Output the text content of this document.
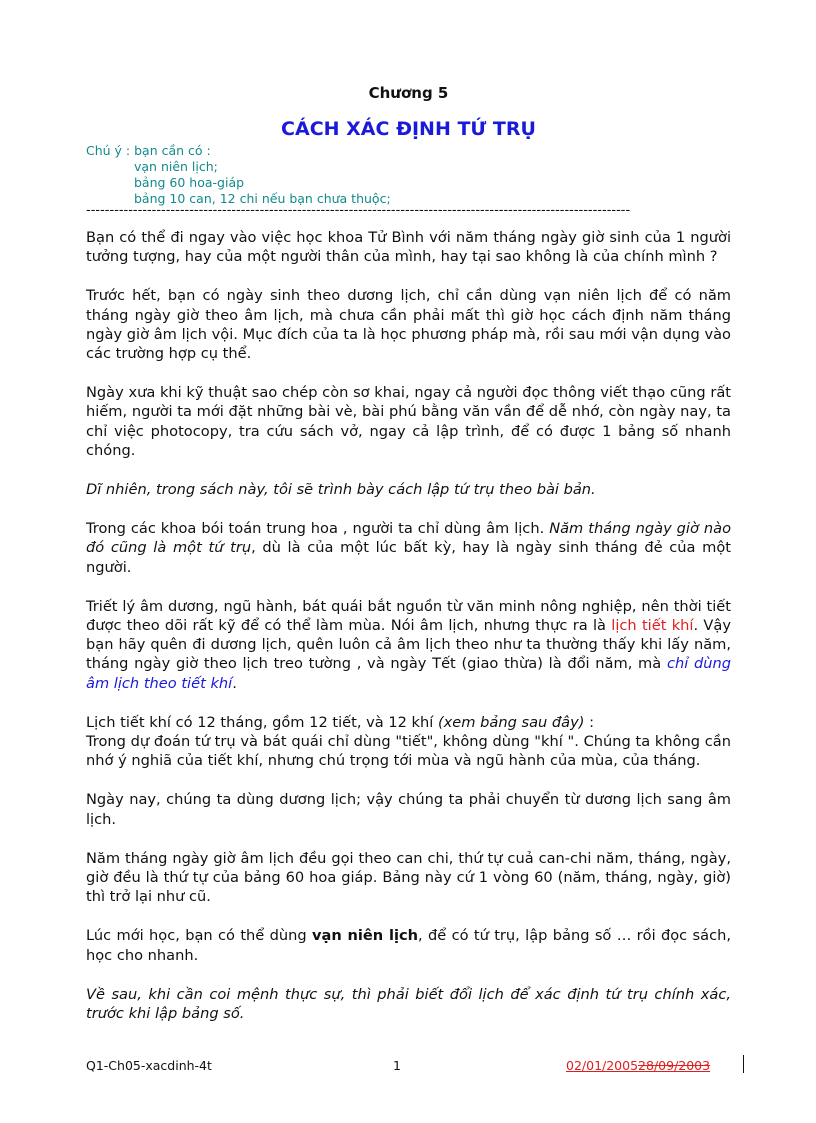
Chương 5
CÁCH XÁC ĐỊNH TỨ TRỤ
Chú ý : bạn cần có :
vạn niên lịch;
bảng 60 hoa-giáp
bảng 10 can, 12 chi nếu bạn chưa thuộc;
--------------------------------------------------------------------------------------------------------------------

Bạn có thể đi ngay vào việc học khoa Tử Bình với năm tháng ngày giờ sinh của 1 người tưởng tượng, hay của một người thân của mình, hay tại sao không là của chính mình ?

Trước hết, bạn có ngày sinh theo dương lịch, chỉ cần dùng vạn niên lịch để có năm tháng ngày giờ theo âm lịch, mà chưa cần phải mất thì giờ học cách định năm tháng ngày giờ âm lịch vội. Mục đích của ta là học phương pháp mà, rồi sau mới vận dụng vào các trường hợp cụ thể.

Ngày xưa khi kỹ thuật sao chép còn sơ khai, ngay cả người đọc thông viết thạo cũng rất hiếm, người ta mới đặt những bài vè, bài phú bằng văn vần để dễ nhớ, còn ngày nay, ta chỉ việc photocopy, tra cứu sách vở, ngay cả lập trình, để có được 1 bảng số nhanh chóng.

Dĩ nhiên, trong sách này, tôi sẽ trình bày cách lập tứ trụ theo bài bản.

Trong các khoa bói toán trung hoa , người ta chỉ dùng âm lịch. Năm tháng ngày giờ nào đó cũng là một tứ trụ, dù là của một lúc bất kỳ, hay là ngày sinh tháng đẻ của một người.

Triết lý âm dương, ngũ hành, bát quái bắt nguồn từ văn minh nông nghiệp, nên thời tiết được theo dõi rất kỹ để có thể làm mùa. Nói âm lịch, nhưng thực ra là lịch tiết khí. Vậy bạn hãy quên đi dương lịch, quên luôn cả âm lịch theo như ta thường thấy khi lấy năm, tháng ngày giờ theo lịch treo tường , và ngày Tết (giao thừa) là đổi năm, mà chỉ dùng âm lịch theo tiết khí.

Lịch tiết khí có 12 tháng, gồm 12 tiết, và 12 khí (xem bảng sau đây) :

Trong dự đoán tứ trụ và bát quái chỉ dùng "tiết", không dùng "khí ". Chúng ta không cần nhớ ý nghiã của tiết khí, nhưng chú trọng tới mùa và ngũ hành của mùa, của tháng.

Ngày nay, chúng ta dùng dương lịch; vậy chúng ta phải chuyển từ dương lịch sang âm lịch.

Năm tháng ngày giờ âm lịch đều gọi theo can chi, thứ tự cuả can-chi năm, tháng, ngày, giờ đều là thứ tự của bảng 60 hoa giáp. Bảng này cứ 1 vòng 60 (năm, tháng, ngày, giờ) thì trở lại như cũ.

Lúc mới học, bạn có thể dùng vạn niên lịch, để có tứ trụ, lập bảng số … rồi đọc sách, học cho nhanh.

Về sau, khi cần coi mệnh thực sự, thì phải biết đổi lịch để xác định tứ trụ chính xác, trước khi lập bảng số.

Q1-Ch05-xacdinh-4t	1	02/01/200528/09/2003
